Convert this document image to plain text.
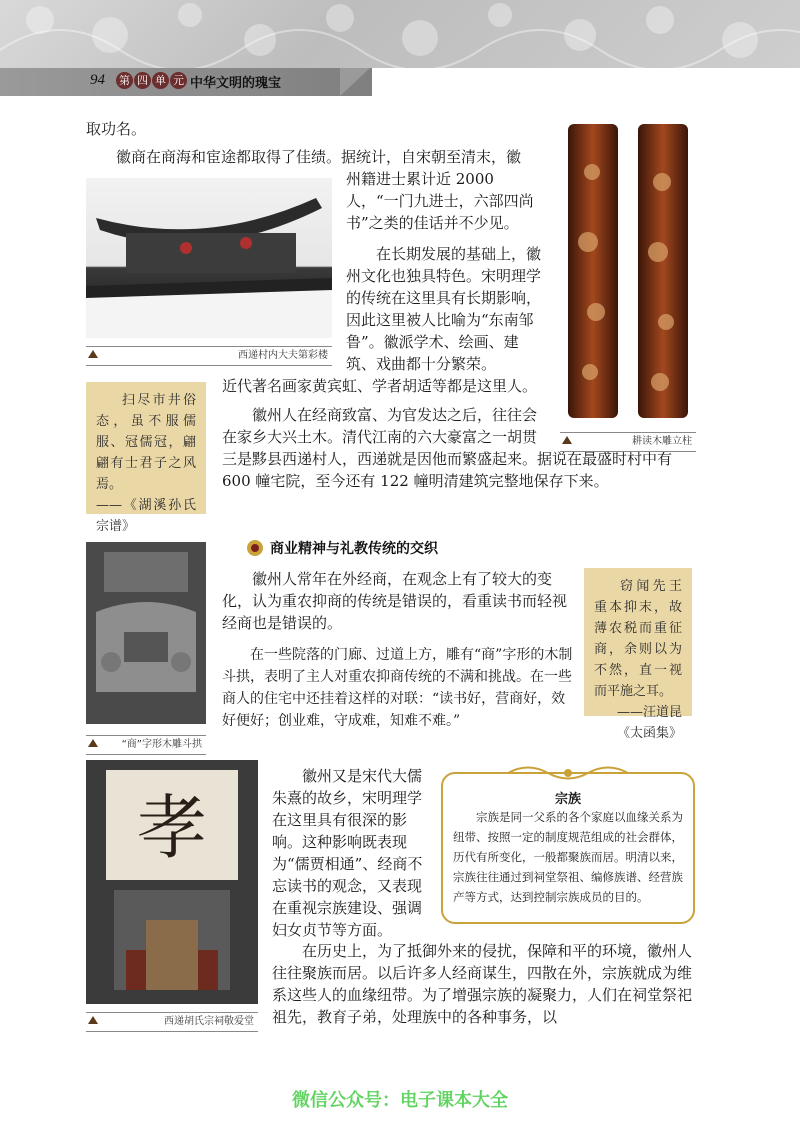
94 第 四 单 元 中华文明的瑰宝
取功名。
西递村内大夫第彩楼

徽商在商海和宦途都取得了佳绩。据统计，自宋朝至清末，徽

州籍进士累计近 2000 人，“一门九进士，六部四尚书”之类的佳话并不少见。

在长期发展的基础上，徽州文化也独具特色。宋明理学的传统在这里具有长期影响，因此这里被人比喻为“东南邹鲁”。徽派学术、绘画、建筑、戏曲都十分繁荣。

近代著名画家黄宾虹、学者胡适等都是这里人。

扫尽市井俗态，虽不服儒服、冠儒冠，翩翩有士君子之风焉。
——《湖溪孙氏宗谱》

徽州人在经商致富、为官发达之后，往往会在家乡大兴土木。清代江南的六大豪富之一胡贯

三是黟县西递村人，西递就是因他而繁盛起来。据说在最盛时村中有 600 幢宅院，至今还有 122 幢明清建筑完整地保存下来。

耕读木雕立柱
商业精神与礼教传统的交织
“商”字形木雕斗拱

徽州人常年在外经商，在观念上有了较大的变化，认为重农抑商的传统是错误的，看重读书而轻视经商也是错误的。

窃闻先王重本抑末，故薄农税而重征商，余则以为不然，直一视而平施之耳。
——汪道昆《太函集》

在一些院落的门廊、过道上方，雕有“商”字形的木制斗拱，表明了主人对重农抑商传统的不满和挑战。在一些商人的住宅中还挂着这样的对联：“读书好，营商好，效好便好；创业难，守成难，知难不难。”

孝
西递胡氏宗祠敬爱堂

徽州又是宋代大儒朱熹的故乡，宋明理学在这里具有很深的影响。这种影响既表现为“儒贾相通”、经商不忘读书的观念，又表现在重视宗族建设、强调妇女贞节等方面。

宗族
宗族是同一父系的各个家庭以血缘关系为纽带、按照一定的制度规范组成的社会群体，历代有所变化，一般都聚族而居。明清以来，宗族往往通过到祠堂祭祖、编修族谱、经营族产等方式，达到控制宗族成员的目的。

在历史上，为了抵御外来的侵扰，保障和平的环境，徽州人往往聚族而居。以后许多人经商谋生，四散在外，宗族就成为维系这些人的血缘纽带。为了增强宗族的凝聚力，人们在祠堂祭祀祖先，教育子弟，处理族中的各种事务，以

微信公众号：电子课本大全
